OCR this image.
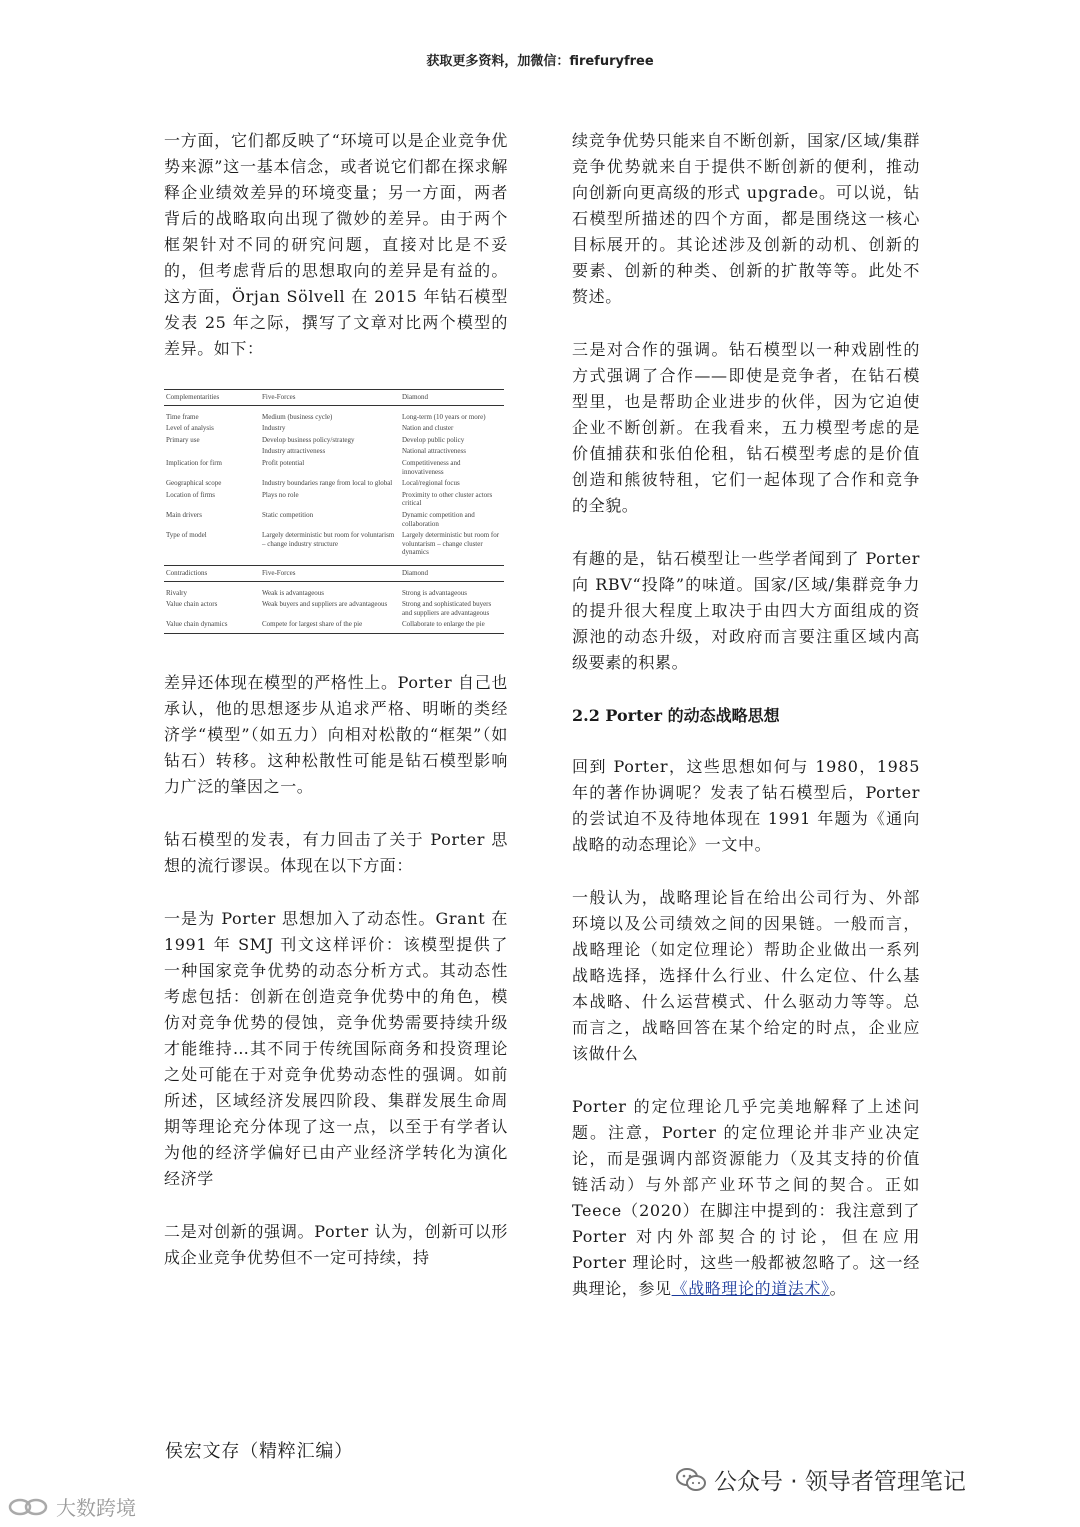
获取更多资料，加微信：firefuryfree

一方面，它们都反映了“环境可以是企业竞争优势来源”这一基本信念，或者说它们都在探求解释企业绩效差异的环境变量；另一方面，两者背后的战略取向出现了微妙的差异。由于两个框架针对不同的研究问题，直接对比是不妥的，但考虑背后的思想取向的差异是有益的。这方面，Örjan Sölvell 在 2015 年钻石模型发表 25 年之际，撰写了文章对比两个模型的差异。如下：

Complementarities	Five-Forces	Diamond

Time frame	Medium (business cycle)	Long-term (10 years or more)
Level of analysis	Industry	Nation and cluster
Primary use	Develop business policy/strategy	Develop public policy
	Industry attractiveness	National attractiveness
Implication for firm	Profit potential	Competitiveness and innovativeness
Geographical scope	Industry boundaries range from local to global	Local/regional focus
Location of firms	Plays no role	Proximity to other cluster actors critical
Main drivers	Static competition	Dynamic competition and collaboration
Type of model	Largely deterministic but room for voluntarism – change industry structure	Largely deterministic but room for voluntarism – change cluster dynamics

Contradictions	Five-Forces	Diamond

Rivalry	Weak is advantageous	Strong is advantageous
Value chain actors	Weak buyers and suppliers are advantageous	Strong and sophisticated buyers and suppliers are advantageous
Value chain dynamics	Compete for largest share of the pie	Collaborate to enlarge the pie

差异还体现在模型的严格性上。Porter 自己也承认，他的思想逐步从追求严格、明晰的类经济学“模型”（如五力）向相对松散的“框架”（如钻石）转移。这种松散性可能是钻石模型影响力广泛的肇因之一。

钻石模型的发表，有力回击了关于 Porter 思想的流行谬误。体现在以下方面：

一是为 Porter 思想加入了动态性。Grant 在 1991 年 SMJ 刊文这样评价：该模型提供了一种国家竞争优势的动态分析方式。其动态性考虑包括：创新在创造竞争优势中的角色，模仿对竞争优势的侵蚀，竞争优势需要持续升级才能维持…其不同于传统国际商务和投资理论之处可能在于对竞争优势动态性的强调。如前所述，区域经济发展四阶段、集群发展生命周期等理论充分体现了这一点，以至于有学者认为他的经济学偏好已由产业经济学转化为演化经济学

二是对创新的强调。Porter 认为，创新可以形成企业竞争优势但不一定可持续，持

续竞争优势只能来自不断创新，国家/区域/集群竞争优势就来自于提供不断创新的便利，推动向创新向更高级的形式 upgrade。可以说，钻石模型所描述的四个方面，都是围绕这一核心目标展开的。其论述涉及创新的动机、创新的要素、创新的种类、创新的扩散等等。此处不赘述。

三是对合作的强调。钻石模型以一种戏剧性的方式强调了合作——即使是竞争者，在钻石模型里，也是帮助企业进步的伙伴，因为它迫使企业不断创新。在我看来，五力模型考虑的是价值捕获和张伯伦租，钻石模型考虑的是价值创造和熊彼特租，它们一起体现了合作和竞争的全貌。

有趣的是，钻石模型让一些学者闻到了 Porter 向 RBV“投降”的味道。国家/区域/集群竞争力的提升很大程度上取决于由四大方面组成的资源池的动态升级，对政府而言要注重区域内高级要素的积累。

2.2 Porter 的动态战略思想

回到 Porter，这些思想如何与 1980，1985 年的著作协调呢？发表了钻石模型后，Porter 的尝试迫不及待地体现在 1991 年题为《通向战略的动态理论》一文中。

一般认为，战略理论旨在给出公司行为、外部环境以及公司绩效之间的因果链。一般而言，战略理论（如定位理论）帮助企业做出一系列战略选择，选择什么行业、什么定位、什么基本战略、什么运营模式、什么驱动力等等。总而言之，战略回答在某个给定的时点，企业应该做什么

Porter 的定位理论几乎完美地解释了上述问题。注意，Porter 的定位理论并非产业决定论，而是强调内部资源能力（及其支持的价值链活动）与外部产业环节之间的契合。正如 Teece（2020）在脚注中提到的：我注意到了 Porter 对内外部契合的讨论，但在应用 Porter 理论时，这些一般都被忽略了。这一经典理论，参见《战略理论的道法术》。

侯宏文存（精粹汇编）
公众号 · 领导者管理笔记
大数跨境
